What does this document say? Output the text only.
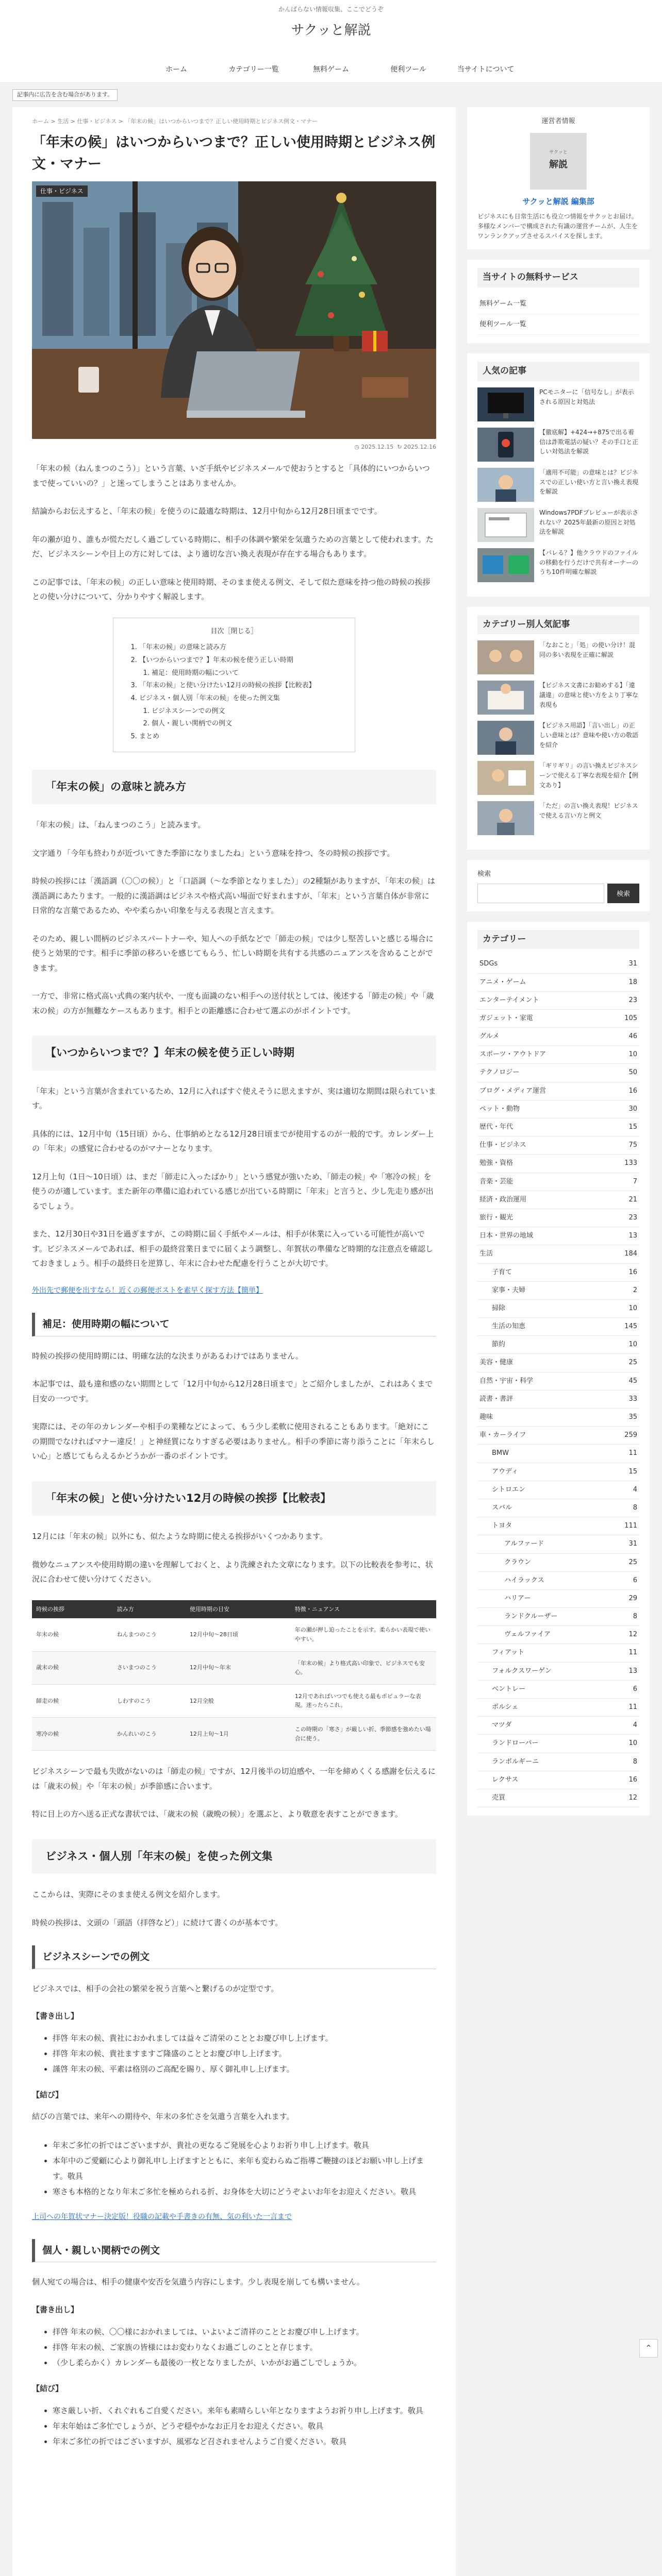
かんばらない情報収集、ここでどうぞ
サクッと解説
ホーム	カテゴリー一覧	無料ゲーム	便利ツール	当サイトについて
記事内に広告を含む場合があります。
ホーム > 生活 > 仕事・ビジネス > 「年末の候」はいつからいつまで？正しい使用時期とビジネス例文・マナー
「年末の候」はいつからいつまで？正しい使用時期とビジネス例文・マナー
仕事・ビジネス
◷ 2025.12.15 ↻ 2025.12.16

「年末の候（ねんまつのこう）」という言葉、いざ手紙やビジネスメールで使おうとすると「具体的にいつからいつまで使っていいの？」と迷ってしまうことはありませんか。

結論からお伝えすると、「年末の候」を使うのに最適な時期は、12月中旬から12月28日頃までです。

年の瀬が迫り、誰もが慌ただしく過ごしている時期に、相手の体調や繁栄を気遣うための言葉として使われます。ただ、ビジネスシーンや目上の方に対しては、より適切な言い換え表現が存在する場合もあります。

この記事では、「年末の候」の正しい意味と使用時期、そのまま使える例文、そして似た意味を持つ他の時候の挨拶との使い分けについて、分かりやすく解説します。

目次［閉じる］
1. 「年末の候」の意味と読み方
2. 【いつからいつまで？】年末の候を使う正しい時期
1. 補足：使用時期の幅について
3. 「年末の候」と使い分けたい12月の時候の挨拶【比較表】
4. ビジネス・個人別「年末の候」を使った例文集
1. ビジネスシーンでの例文
2. 個人・親しい関柄での例文
5. まとめ
「年末の候」の意味と読み方

「年末の候」は、「ねんまつのこう」と読みます。

文字通り「今年も終わりが近づいてきた季節になりましたね」という意味を持つ、冬の時候の挨拶です。

時候の挨拶には「漢語調（〇〇の候）」と「口語調（〜な季節となりました）」の2種類がありますが、「年末の候」は漢語調にあたります。一般的に漢語調はビジネスや格式高い場面で好まれますが、「年末」という言葉自体が非常に日常的な言葉であるため、やや柔らかい印象を与える表現と言えます。

そのため、親しい間柄のビジネスパートナーや、知人への手紙などで「師走の候」では少し堅苦しいと感じる場合に使うと効果的です。相手に季節の移ろいを感じてもらう、忙しい時期を共有する共感のニュアンスを含めることができます。

一方で、非常に格式高い式典の案内状や、一度も面識のない相手への送付状としては、後述する「師走の候」や「歳末の候」の方が無難なケースもあります。相手との距離感に合わせて選ぶのがポイントです。

【いつからいつまで？】年末の候を使う正しい時期

「年末」という言葉が含まれているため、12月に入ればすぐ使えそうに思えますが、実は適切な期間は限られています。

具体的には、12月中旬（15日頃）から、仕事納めとなる12月28日頃までが使用するのが一般的です。カレンダー上の「年末」の感覚に合わせるのがマナーとなります。

12月上旬（1日〜10日頃）は、まだ「師走に入ったばかり」という感覚が強いため、「師走の候」や「寒冷の候」を使うのが適しています。また新年の準備に追われている感じが出ている時期に「年末」と言うと、少し先走り感が出るでしょう。

また、12月30日や31日を過ぎますが、この時期に届く手紙やメールは、相手が休業に入っている可能性が高いです。ビジネスメールであれば、相手の最終営業日までに届くよう調整し、年賀状の準備など時期的な注意点を確認しておきましょう。相手の最終日を逆算し、年末に合わせた配慮を行うことが大切です。

外出先で郵便を出すなら！近くの郵便ポストを素早く探す方法【簡単】

補足：使用時期の幅について

時候の挨拶の使用時期には、明確な法的な決まりがあるわけではありません。

本記事では、最も違和感のない期間として「12月中旬から12月28日頃まで」とご紹介しましたが、これはあくまで目安の一つです。

実際には、その年のカレンダーや相手の業種などによって、もう少し柔軟に使用されることもあります。「絶対にこの期間でなければマナー違反！」と神経質になりすぎる必要はありません。相手の季節に寄り添うことに「年末らしい心」と感じてもらえるかどうかが一番のポイントです。

「年末の候」と使い分けたい12月の時候の挨拶【比較表】

12月には「年末の候」以外にも、似たような時期に使える挨拶がいくつかあります。

微妙なニュアンスや使用時期の違いを理解しておくと、より洗練された文章になります。以下の比較表を参考に、状況に合わせて使い分けてください。

時候の挨拶	読み方	使用時期の目安	特徴・ニュアンス
年末の候	ねんまつのこう	12月中旬〜28日頃	年の瀬が押し迫ったことを示す。柔らかい表現で使いやすい。
歳末の候	さいまつのこう	12月中旬〜年末	「年末の候」より格式高い印象で、ビジネスでも安心。
師走の候	しわすのこう	12月全般	12月であればいつでも使える最もポピュラーな表現。迷ったらこれ。
寒冷の候	かんれいのこう	12月上旬〜1月	この時期の「寒さ」が厳しい折、季節感を強めたい場合に使う。

ビジネスシーンで最も失敗がないのは「師走の候」ですが、12月後半の切迫感や、一年を締めくくる感謝を伝えるには「歳末の候」や「年末の候」が季節感に合います。

特に目上の方へ送る正式な書状では、「歳末の候（歳晩の候）」を選ぶと、より敬意を表すことができます。

ビジネス・個人別「年末の候」を使った例文集

ここからは、実際にそのまま使える例文を紹介します。

時候の挨拶は、文頭の「頭語（拝啓など）」に続けて書くのが基本です。

ビジネスシーンでの例文

ビジネスでは、相手の会社の繁栄を祝う言葉へと繋げるのが定型です。

【書き出し】

• 拝啓 年末の候、貴社におかれましては益々ご清栄のこととお慶び申し上げます。
• 拝啓 年末の候、貴社ますますご隆盛のこととお慶び申し上げます。
• 謹啓 年末の候、平素は格別のご高配を賜り、厚く御礼申し上げます。

【結び】

結びの言葉では、来年への期待や、年末の多忙さを気遣う言葉を入れます。

• 年末ご多忙の折ではございますが、貴社の更なるご発展を心よりお祈り申し上げます。敬具
• 本年中のご愛顧に心より御礼申し上げますとともに、来年も変わらぬご指導ご鞭撻のほどお願い申し上げます。敬具
• 寒さも本格的となり年末ご多忙を極められる折、お身体を大切にどうぞよいお年をお迎えください。敬具

上司への年賀状マナー決定版！役職の記載や手書きの有無、気の利いた一言まで

個人・親しい関柄での例文

個人宛ての場合は、相手の健康や安否を気遣う内容にします。少し表現を崩しても構いません。

【書き出し】

• 拝啓 年末の候、〇〇様におかれましては、いよいよご清祥のこととお慶び申し上げます。
• 拝啓 年末の候、ご家族の皆様にはお変わりなくお過ごしのことと存じます。
• （少し柔らかく）カレンダーも最後の一枚となりましたが、いかがお過ごしでしょうか。

【結び】

• 寒さ厳しい折、くれぐれもご自愛ください。来年も素晴らしい年となりますようお祈り申し上げます。敬具
• 年末年始はご多忙でしょうが、どうぞ穏やかなお正月をお迎えください。敬具
• 年末ご多忙の折ではございますが、風邪など召されませんようご自愛ください。敬具
運営者情報
サクッと
解説
サクッと解説 編集部
ビジネスにも日常生活にも役立つ情報をサクッとお届け。多様なメンバーで構成された有識の運営チームが、人生をワンランクアップさせるスパイスを探します。
当サイトの無料サービス
無料ゲーム一覧
便利ツール一覧
人気の記事
PCモニターに「信号なし」が表示される原因と対処法
【徹底解】+424→+875で出る着信は詐欺電話の疑い？その手口と正しい対処法を解説
「適用不可能」の意味とは？ビジネスでの正しい使い方と言い換え表現を解説
Windows7PDFプレビューが表示されない？2025年最新の原因と対処法を解説
【パレる？】他クラウドのファイルの移動を行うだけで共有オーナーのうち10件明確な解説
カテゴリー別人気記事
「なおこと」「処」の使い分け！混同の多い表現を正確に解説
【ビジネス文書にお勧めする】「違議違」の意味と使い方をより丁寧な表現も
【ビジネス用語】「言い出し」の正しい意味とは？意味や使い方の敬語を紹介
「ギリギリ」の言い換えビジネスシーンで使える丁寧な表現を紹介【例文あり】
「ただ」の言い換え表現！ビジネスで使える言い方と例文
検索
検索
カテゴリー
SDGs	31
アニメ・ゲーム	18
エンターテイメント	23
ガジェット・家電	105
グルメ	46
スポーツ・アウトドア	10
テクノロジー	50
ブログ・メディア運営	16
ペット・動物	30
歴代・年代	15
仕事・ビジネス	75
勉強・資格	133
音楽・芸能	7
経済・政治運用	21
旅行・観光	23
日本・世界の地域	13
生活	184
子育て	16
家事・夫婦	2
掃除	10
生活の知恵	145
節約	10
美容・健康	25
自然・宇宙・科学	45
読書・書評	33
趣味	35
車・カーライフ	259
BMW	11
アウディ	15
シトロエン	4
スバル	8
トヨタ	111
アルファード	31
クラウン	25
ハイラックス	6
ハリアー	29
ランドクルーザー	8
ヴェルファイア	12
フィアット	11
フォルクスワーゲン	13
ベントレー	6
ポルシェ	11
マツダ	4
ランドローバー	10
ランボルギーニ	8
レクサス	16
売買	12
⌃
